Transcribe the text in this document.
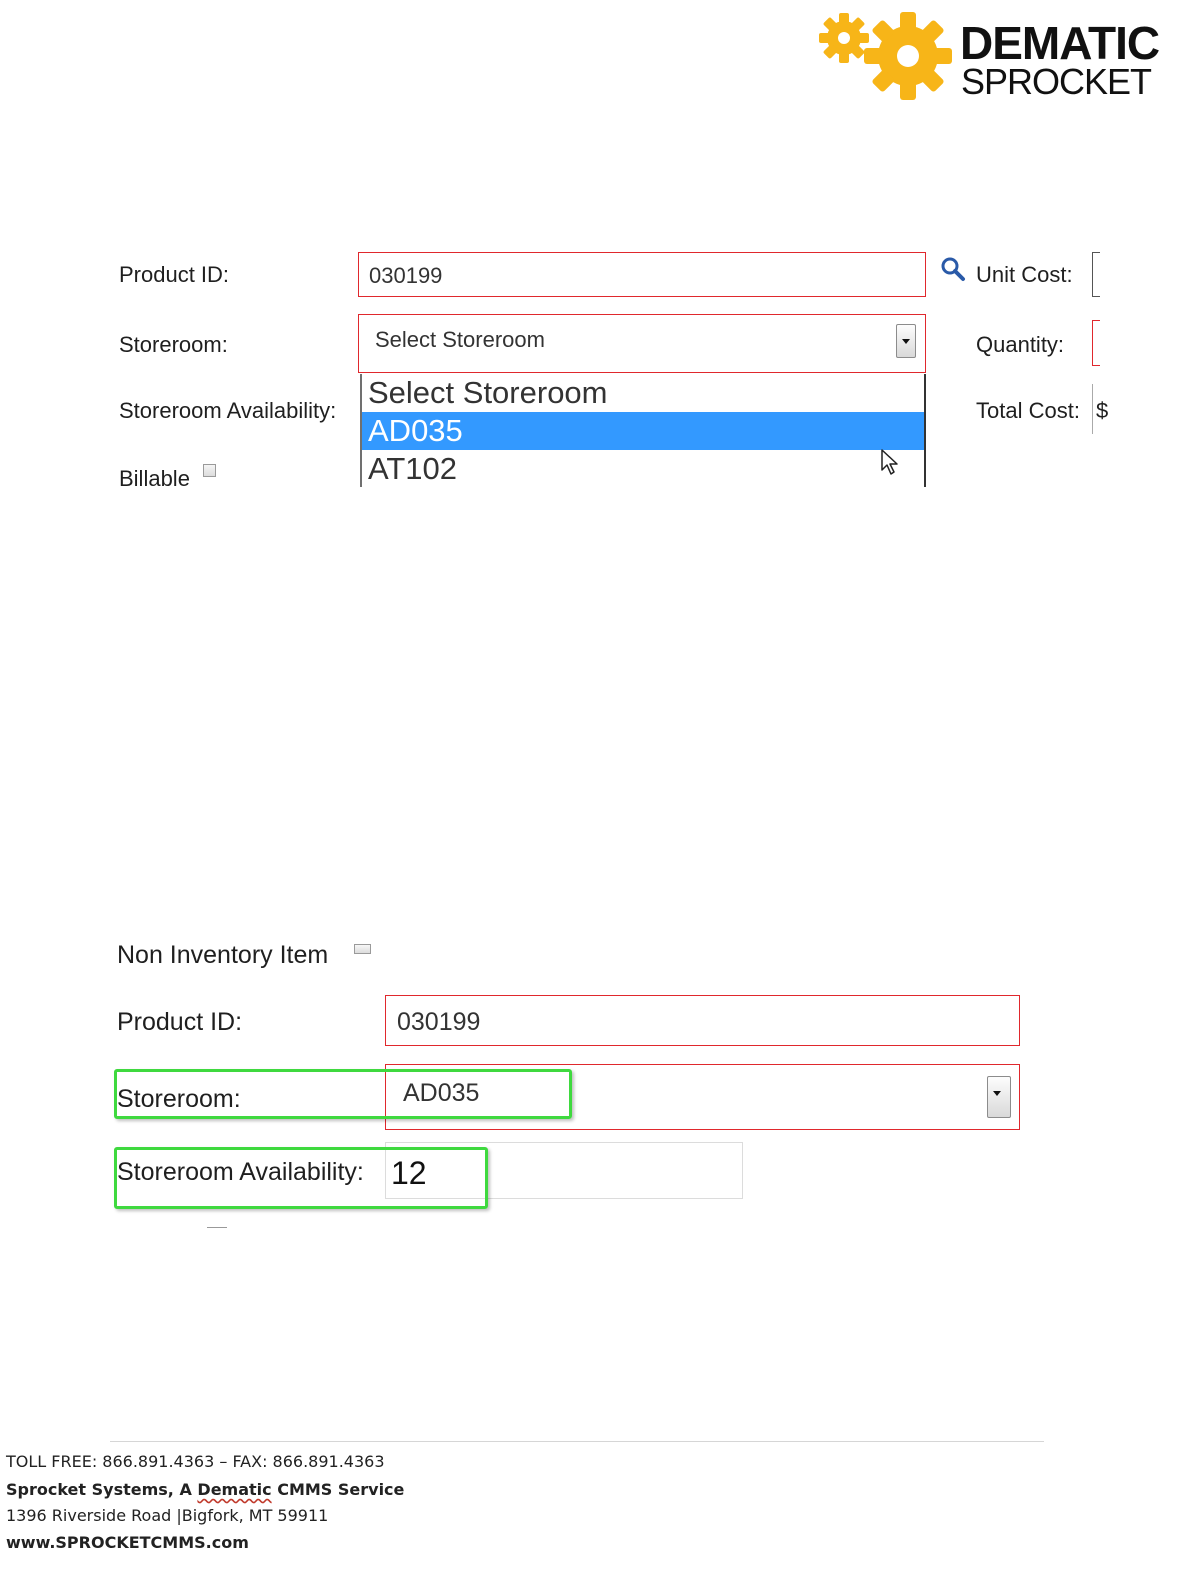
DEMATIC
SPROCKET
Product ID:	030199	Unit Cost:
Storeroom:	Select Storeroom	Quantity:
Storeroom Availability:	Total Cost: $
Billable
Select Storeroom
AD035
AT102
Non Inventory Item
Product ID:	030199
Storeroom:	AD035
Storeroom Availability: 12
TOLL FREE: 866.891.4363 – FAX: 866.891.4363
Sprocket Systems, A Dematic CMMS Service
1396 Riverside Road |Bigfork, MT 59911
www.SPROCKETCMMS.com
